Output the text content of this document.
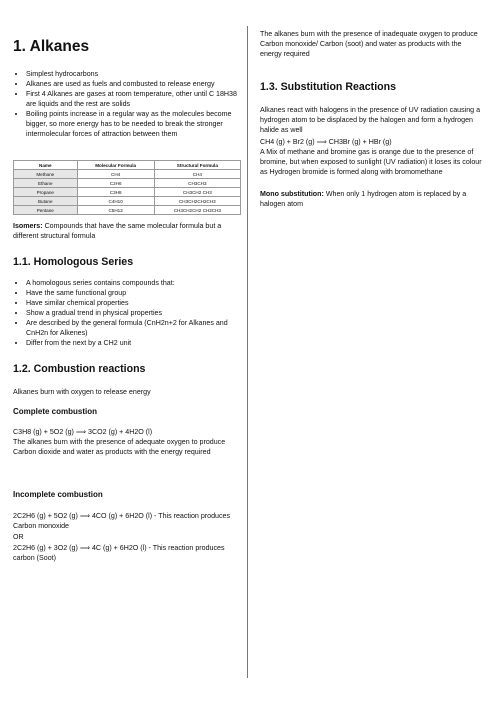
1. Alkanes
• Simplest hydrocarbons
• Alkanes are used as fuels and combusted to release energy
• First 4 Alkanes are gases at room temperature, other until C 18H38 are liquids and the rest are solids
• Boiling points increase in a regular way as the molecules become bigger, so more energy has to be needed to break the stronger intermolecular forces of attraction between them
Name	Molecular Formula	Structural Formula
Methane	CH4	CH4
Ethane	C2H6	CH3CH3
Propane	C3H8	CH3CH2 CH3
Butane	C4H10	CH3CH2CH2CH3
Pentane	C5H12	CH3CH2CH2 CH2CH3

Isomers: Compounds that have the same molecular formula but a different structural formula

1.1. Homologous Series
• A homologous series contains compounds that:
• Have the same functional group
• Have similar chemical properties
• Show a gradual trend in physical properties
• Are described by the general formula (CnH2n+2 for Alkanes and CnH2n for Alkenes)
• Differ from the next by a CH2 unit
1.2. Combustion reactions

Alkanes burn with oxygen to release energy

Complete combustion

C3H8 (g) + 5O2 (g) ⟹ 3CO2 (g) + 4H2O (l)

The alkanes burn with the presence of adequate oxygen to produce Carbon dioxide and water as products with the energy required

Incomplete combustion

2C2H6 (g) + 5O2 (g) ⟹ 4CO (g) + 6H2O (l) - This reaction produces Carbon monoxide

OR

2C2H6 (g) + 3O2 (g) ⟹ 4C (g) + 6H2O (l) - This reaction produces carbon (Soot)

The alkanes burn with the presence of inadequate oxygen to produce Carbon monoxide/ Carbon (soot) and water as products with the energy required

1.3. Substitution Reactions

Alkanes react with halogens in the presence of UV radiation causing a hydrogen atom to be displaced by the halogen and form a hydrogen halide as well

CH4 (g) + Br2 (g) ⟹ CH3Br (g) + HBr (g)

A Mix of methane and bromine gas is orange due to the presence of bromine, but when exposed to sunlight (UV radiation) it loses its colour as Hydrogen bromide is formed along with bromomethane

Mono substitution: When only 1 hydrogen atom is replaced by a halogen atom
